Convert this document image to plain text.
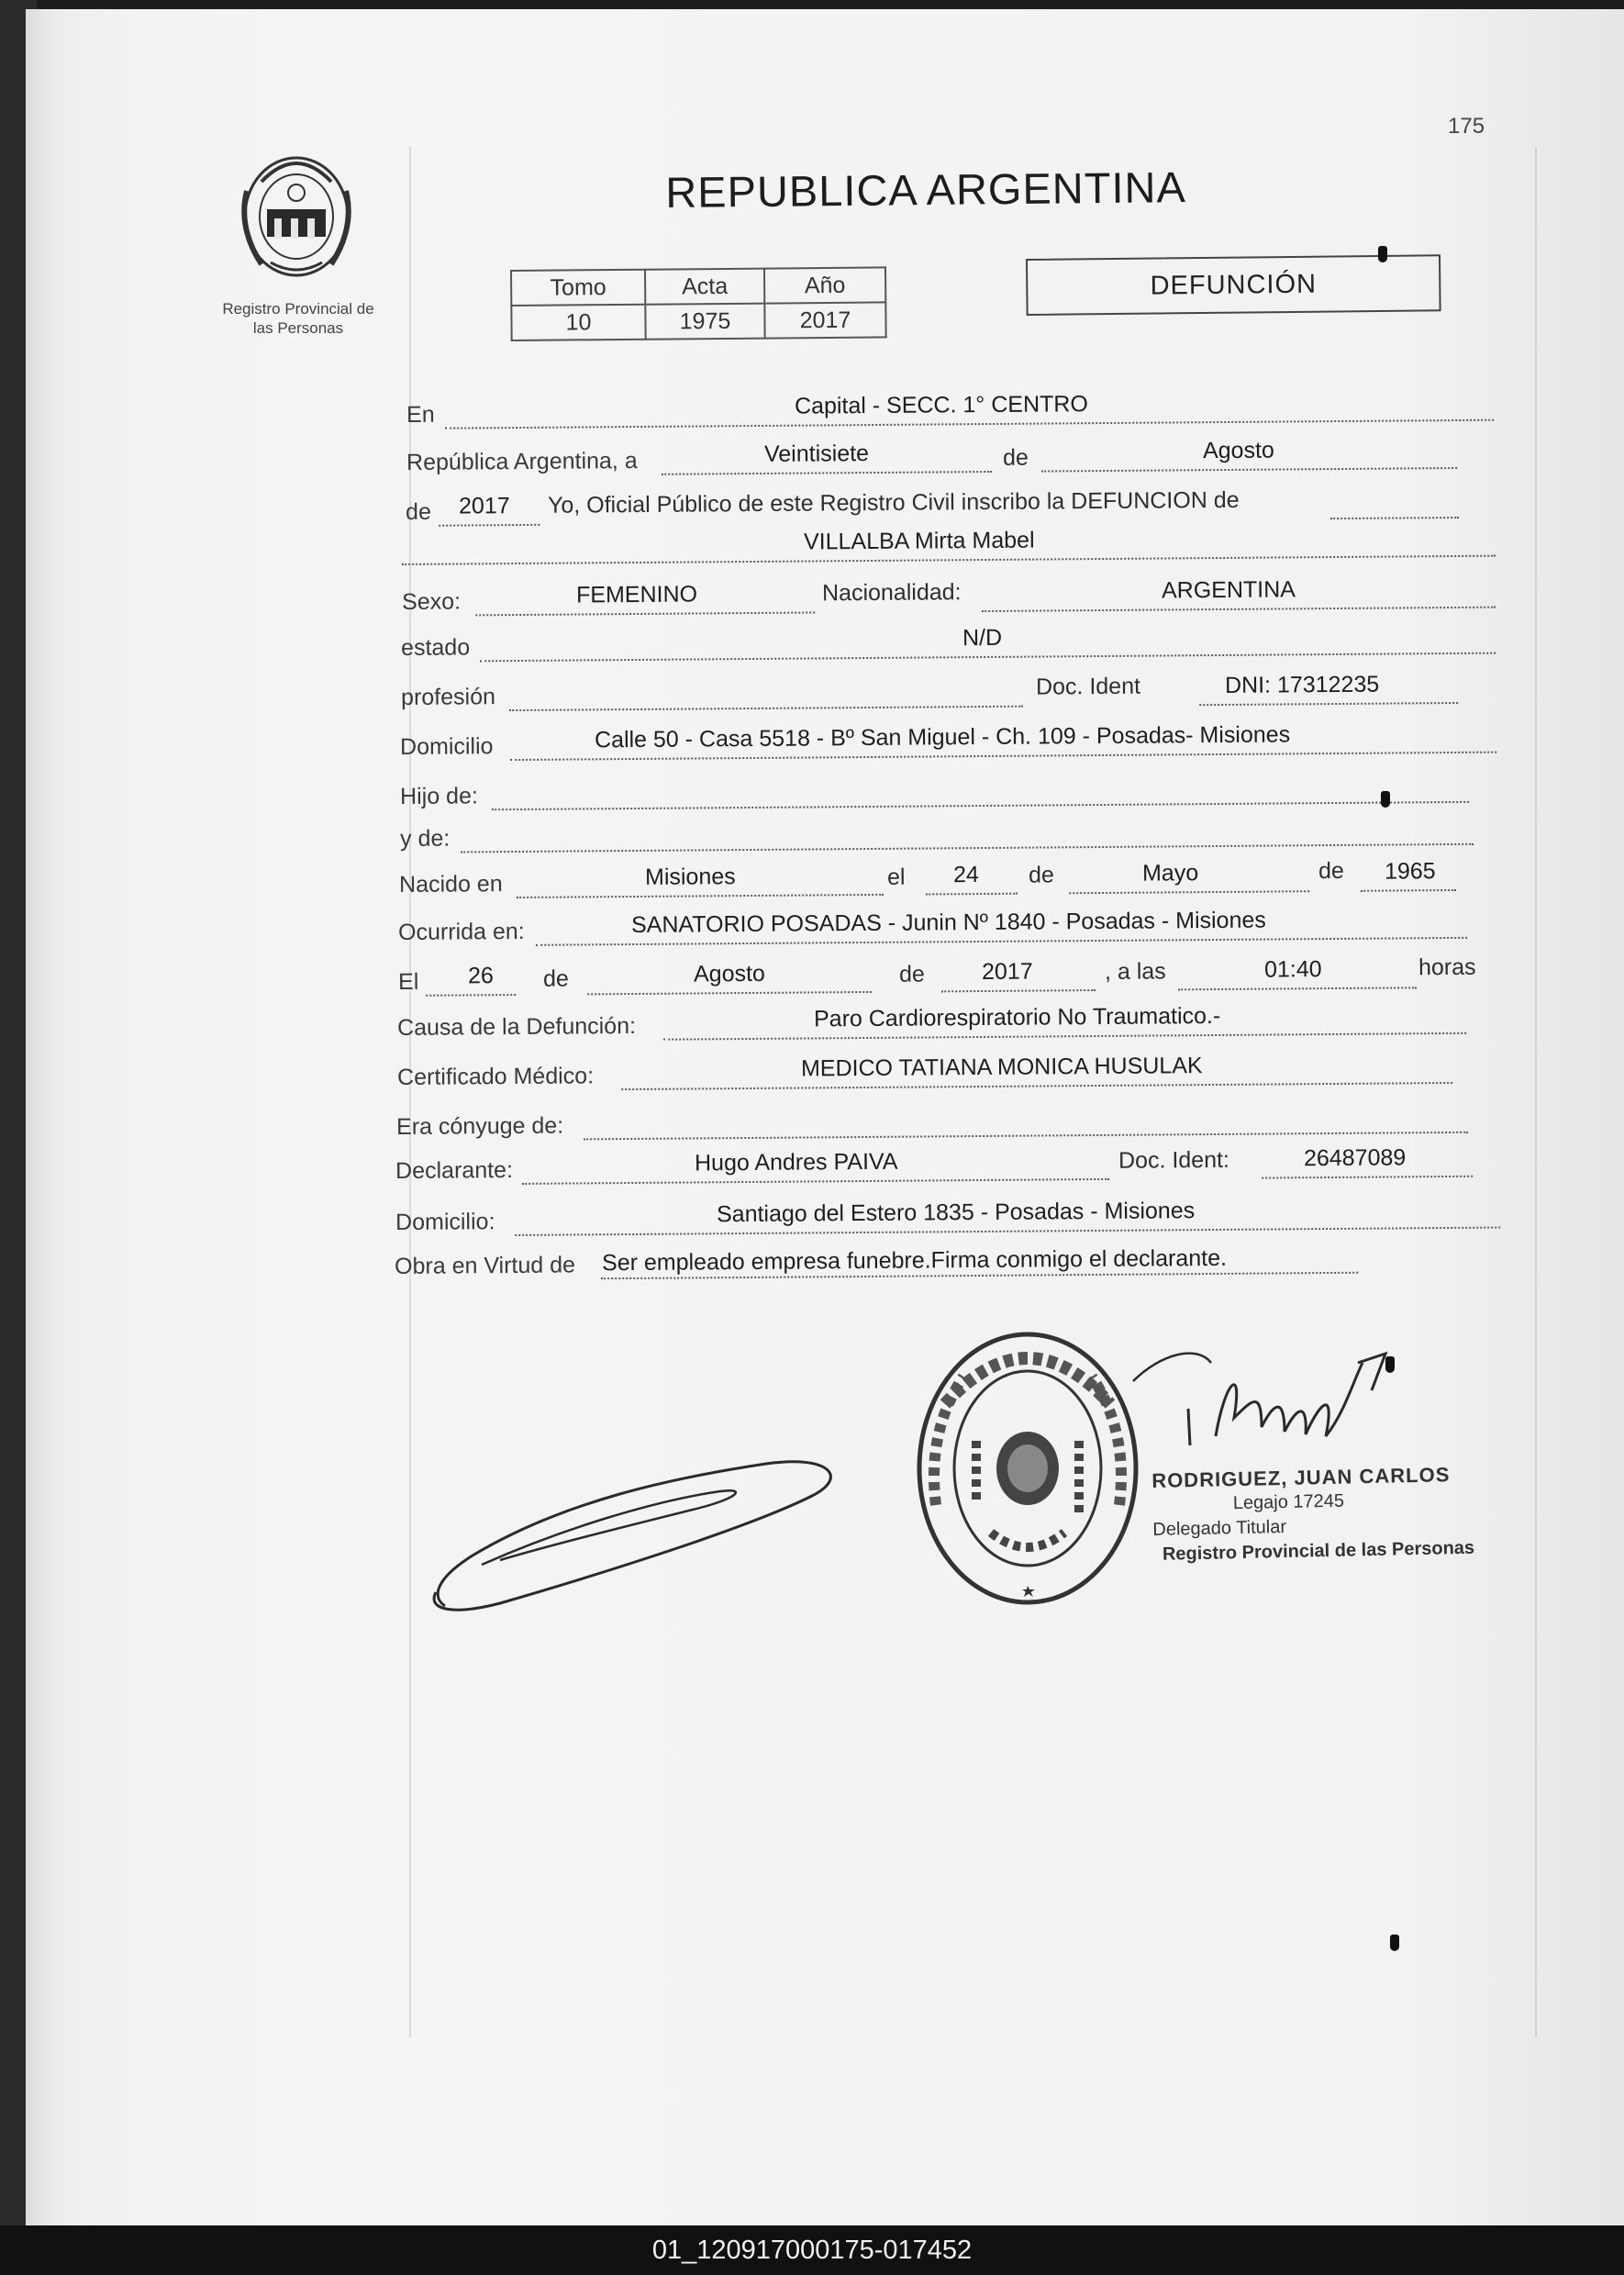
175
Registro Provincial de
las Personas
REPUBLICA ARGENTINA
Tomo	Acta	Año
10	1975	2017
DEFUNCIÓN
En	Capital - SECC. 1° CENTRO
República Argentina, a	Veintisiete	de	Agosto
de 2017 Yo, Oficial Público de este Registro Civil inscribo la DEFUNCION de
VILLALBA Mirta Mabel
Sexo:	FEMENINO	Nacionalidad:	ARGENTINA
estado	N/D
profesión	Doc. Ident	DNI: 17312235
Domicilio	Calle 50 - Casa 5518 - Bº San Miguel - Ch. 109 - Posadas- Misiones
Hijo de:
y de:
Nacido en	Misiones	el 24 de	Mayo	de 1965
Ocurrida en:	SANATORIO POSADAS - Junin Nº 1840 - Posadas - Misiones
El 26 de	Agosto	de 2017	, a las	01:40	horas
Causa de la Defunción:	Paro Cardiorespiratorio No Traumatico.-
Certificado Médico:	MEDICO TATIANA MONICA HUSULAK
Era cónyuge de:
Declarante:	Hugo Andres PAIVA	Doc. Ident:	26487089
Domicilio:	Santiago del Estero 1835 - Posadas - Misiones
Obra en Virtud de Ser empleado empresa funebre.Firma conmigo el declarante.
RODRIGUEZ, JUAN CARLOS
Legajo 17245
Delegado Titular
Registro Provincial de las Personas
01_120917000175-017452
